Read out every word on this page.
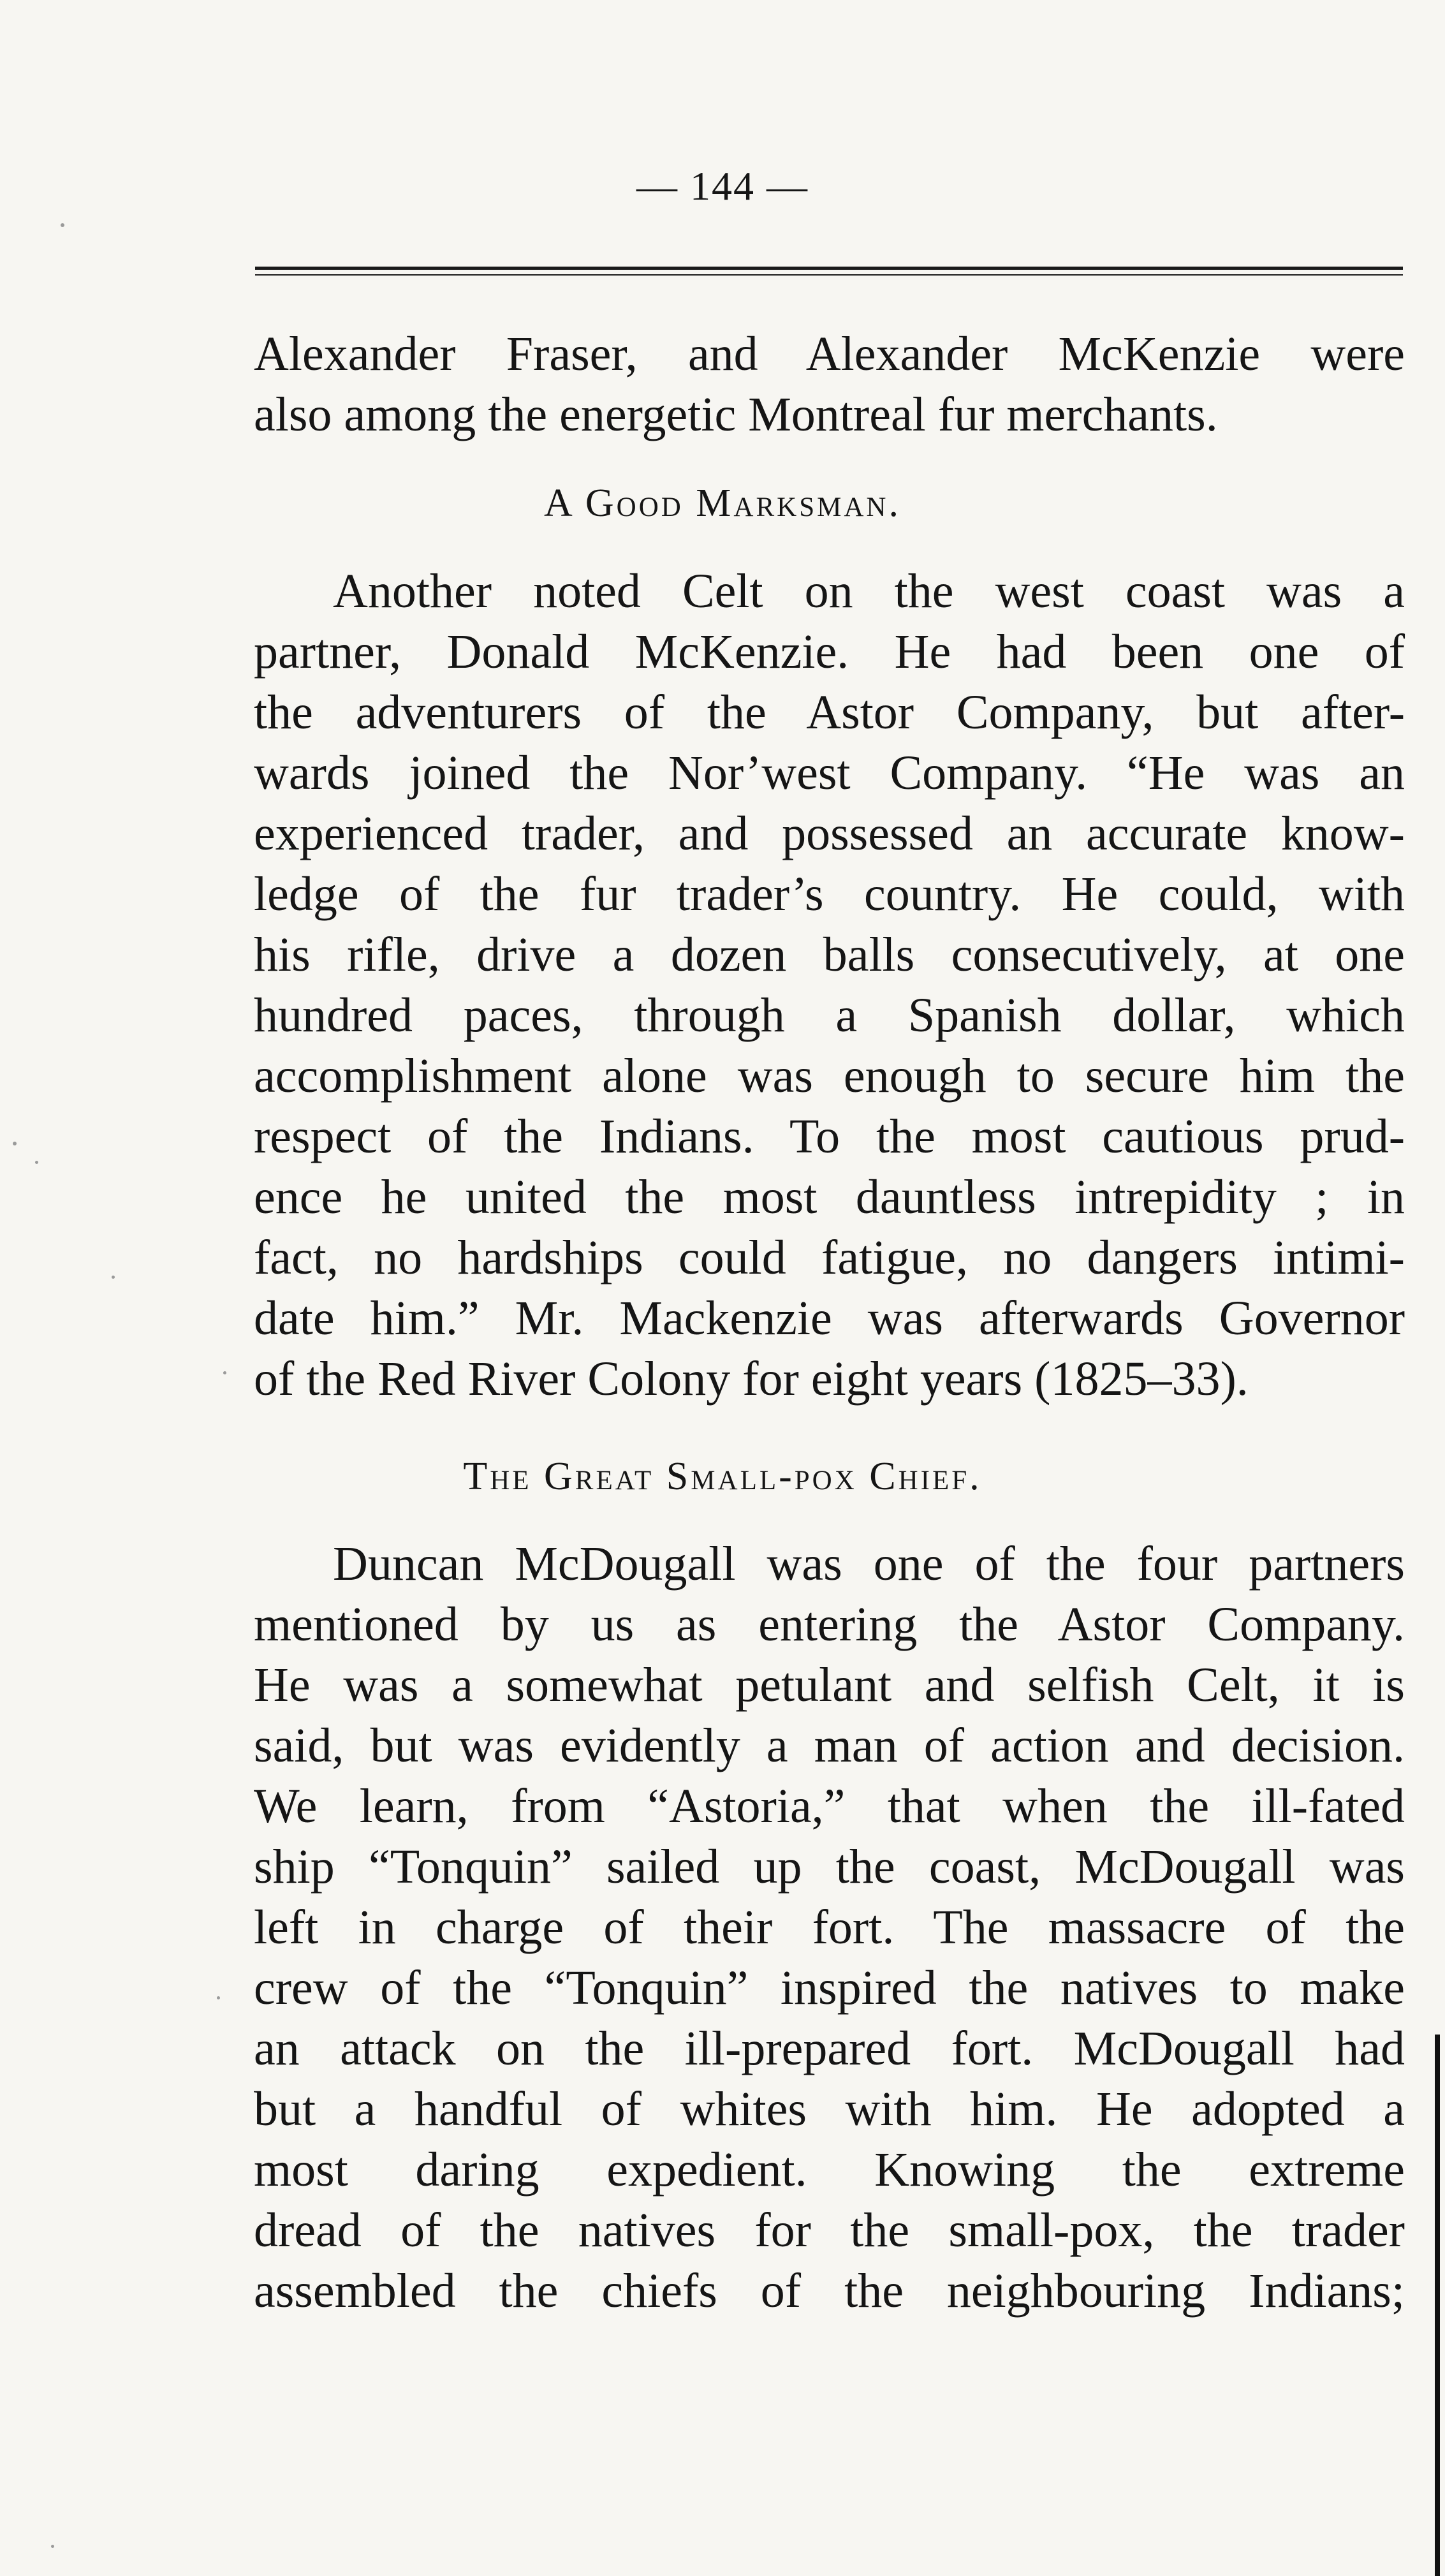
— 144 —
Alexander Fraser, and Alexander McKenzie were
also among the energetic Montreal fur merchants.
A Good Marksman.
Another noted Celt on the west coast was a
partner, Donald McKenzie. He had been one of
the adventurers of the Astor Company, but after-
wards joined the Nor’west Company. “He was an
experienced trader, and possessed an accurate know-
ledge of the fur trader’s country. He could, with
his rifle, drive a dozen balls consecutively, at one
hundred paces, through a Spanish dollar, which
accomplishment alone was enough to secure him the
respect of the Indians. To the most cautious prud-
ence he united the most dauntless intrepidity ; in
fact, no hardships could fatigue, no dangers intimi-
date him.” Mr. Mackenzie was afterwards Governor
of the Red River Colony for eight years (1825–33).
The Great Small-pox Chief.
Duncan McDougall was one of the four partners
mentioned by us as entering the Astor Company.
He was a somewhat petulant and selfish Celt, it is
said, but was evidently a man of action and decision.
We learn, from “Astoria,” that when the ill-fated
ship “Tonquin” sailed up the coast, McDougall was
left in charge of their fort. The massacre of the
crew of the “Tonquin” inspired the natives to make
an attack on the ill-prepared fort. McDougall had
but a handful of whites with him. He adopted a
most daring expedient. Knowing the extreme
dread of the natives for the small-pox, the trader
assembled the chiefs of the neighbouring Indians;
